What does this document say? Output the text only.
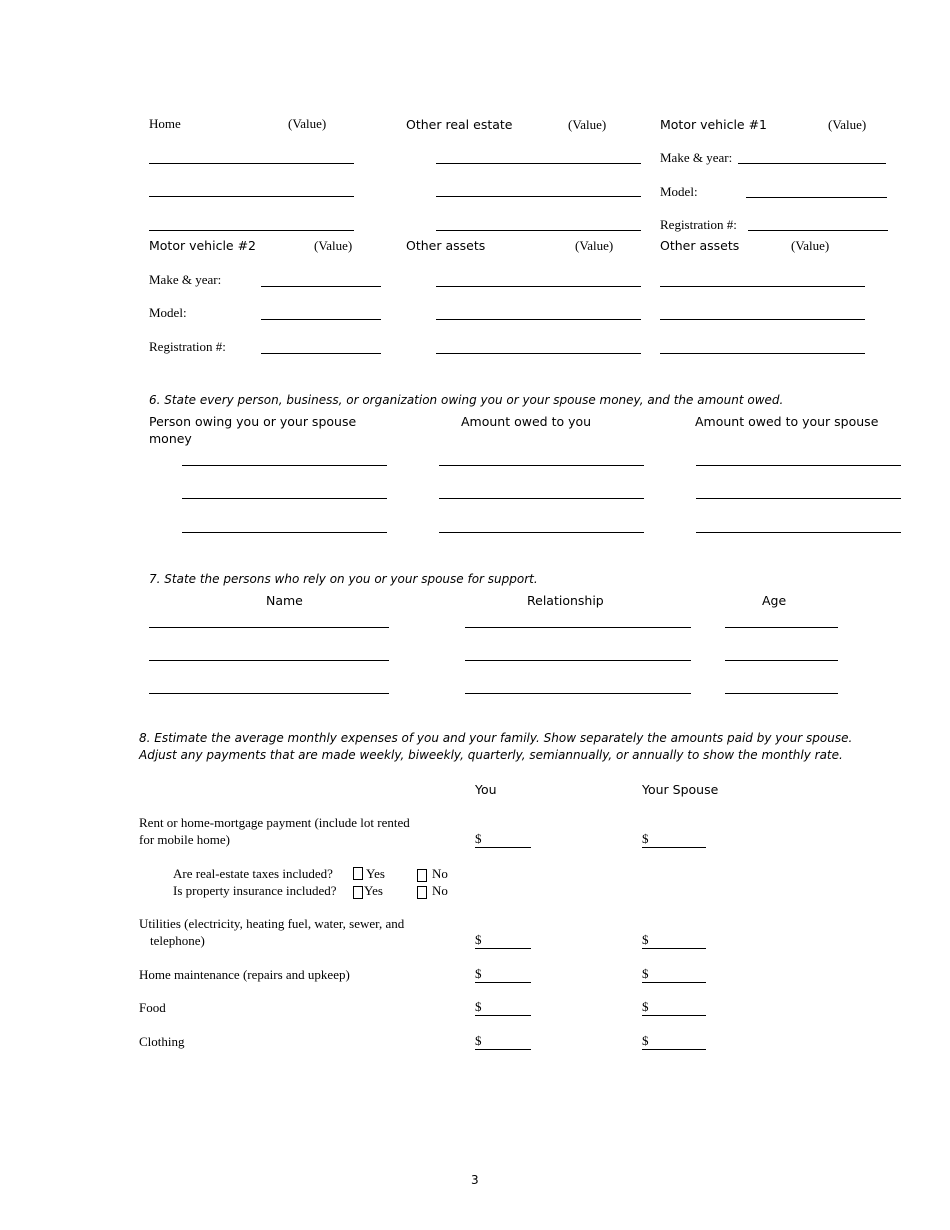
Home	(Value)	Other real estate	(Value)	Motor vehicle #1	(Value)
Make & year:
Model:
Registration #:
Motor vehicle #2	(Value)
Make & year:
Model:
Registration #:
Other assets	(Value)	Other assets	(Value)
6. State every person, business, or organization owing you or your spouse money, and the amount owed.
Person owing you or your spouse
money
Amount owed to you	Amount owed to your spouse
7. State the persons who rely on you or your spouse for support.
Name	Relationship	Age
8. Estimate the average monthly expenses of you and your family. Show separately the amounts paid by your spouse.
Adjust any payments that are made weekly, biweekly, quarterly, semiannually, or annually to show the monthly rate.
You	Your Spouse
Rent or home-mortgage payment (include lot rented
for mobile home)	$	$
Are real-estate taxes included?	Yes	No
Is property insurance included? Yes	No
Utilities (electricity, heating fuel, water, sewer, and
telephone)	$	$
Home maintenance (repairs and upkeep)	$	$
Food	$	$
Clothing	$	$
3
